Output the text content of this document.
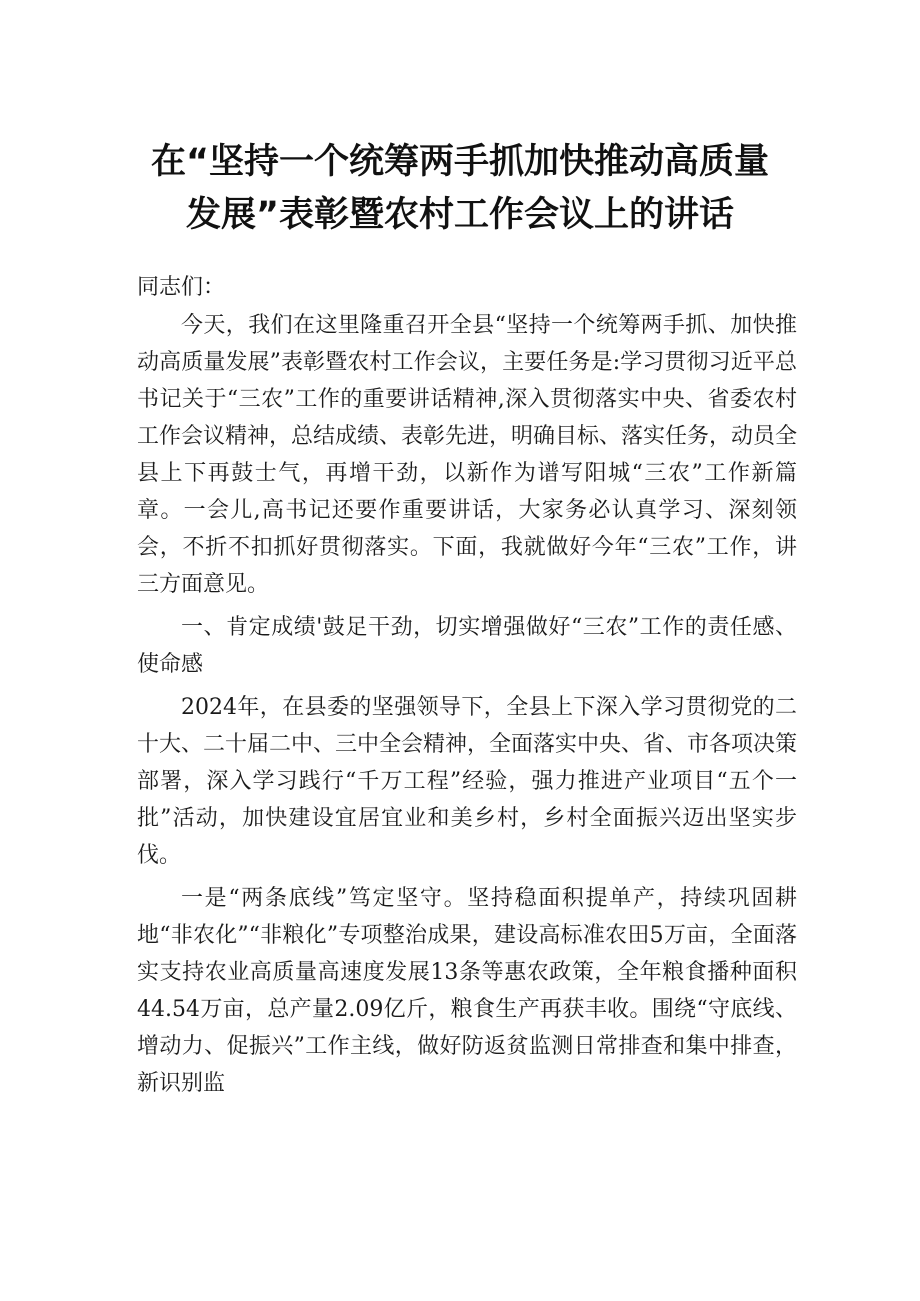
在“坚持一个统筹两手抓加快推动高质量
发展”表彰暨农村工作会议上的讲话

同志们：

今天，我们在这里隆重召开全县“坚持一个统筹两手抓、加快推动高质量发展”表彰暨农村工作会议，主要任务是:学习贯彻习近平总书记关于“三农”工作的重要讲话精神,深入贯彻落实中央、省委农村工作会议精神，总结成绩、表彰先进，明确目标、落实任务，动员全县上下再鼓士气，再增干劲，以新作为谱写阳城“三农”工作新篇章。一会儿,高书记还要作重要讲话，大家务必认真学习、深刻领会，不折不扣抓好贯彻落实。下面，我就做好今年“三农”工作，讲三方面意见。

一、肯定成绩'鼓足干劲，切实增强做好“三农”工作的责任感、使命感

2024年，在县委的坚强领导下，全县上下深入学习贯彻党的二十大、二十届二中、三中全会精神，全面落实中央、省、市各项决策部署，深入学习践行“千万工程”经验，强力推进产业项目“五个一批”活动，加快建设宜居宜业和美乡村，乡村全面振兴迈出坚实步伐。

一是“两条底线”笃定坚守。坚持稳面积提单产，持续巩固耕地“非农化”“非粮化”专项整治成果，建设高标准农田5万亩，全面落实支持农业高质量高速度发展13条等惠农政策，全年粮食播种面积44.54万亩，总产量2.09亿斤，粮食生产再获丰收。围绕“守底线、增动力、促振兴”工作主线，做好防返贫监测日常排查和集中排查，新识别监
